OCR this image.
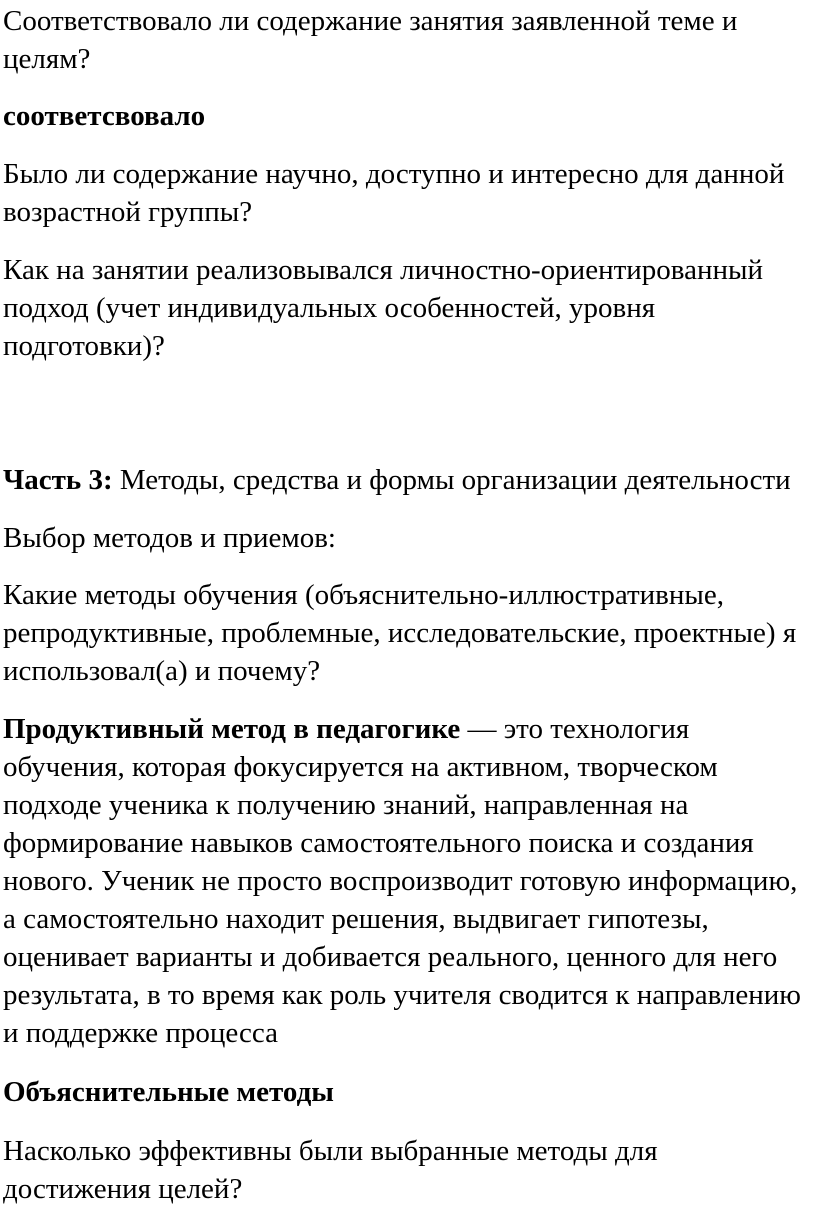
Соответствовало ли содержание занятия заявленной теме и целям?

соответсвовало

Было ли содержание научно, доступно и интересно для данной возрастной группы?

Как на занятии реализовывался личностно-ориентированный подход (учет индивидуальных особенностей, уровня подготовки)?

Часть 3: Методы, средства и формы организации деятельности

Выбор методов и приемов:

Какие методы обучения (объяснительно-иллюстративные, репродуктивные, проблемные, исследовательские, проектные) я использовал(а) и почему?

Продуктивный метод в педагогике — это технология обучения, которая фокусируется на активном, творческом подходе ученика к получению знаний, направленная на формирование навыков самостоятельного поиска и создания нового. Ученик не просто воспроизводит готовую информацию, а самостоятельно находит решения, выдвигает гипотезы, оценивает варианты и добивается реального, ценного для него результата, в то время как роль учителя сводится к направлению и поддержке процесса

Объяснительные методы

Насколько эффективны были выбранные методы для достижения целей?
